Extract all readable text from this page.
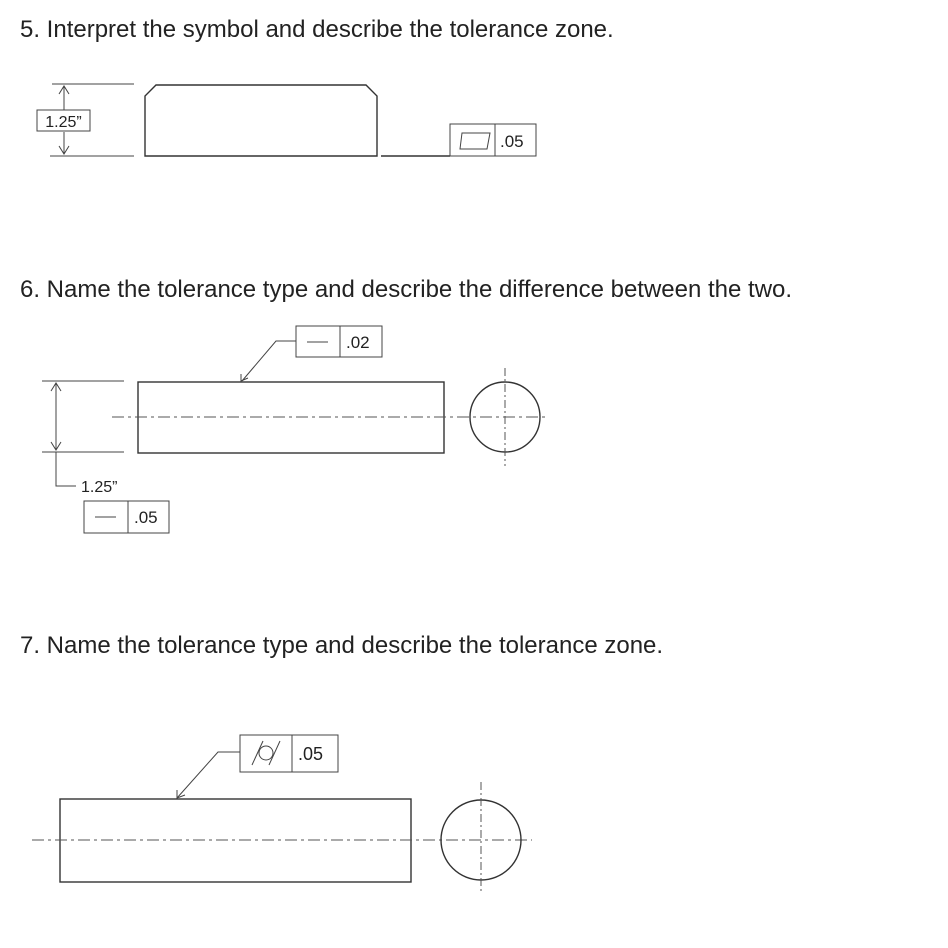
5. Interpret the symbol and describe the tolerance zone.
6. Name the tolerance type and describe the difference between the two.
7. Name the tolerance type and describe the tolerance zone.
1.25”
.05
.02
1.25”
.05
.05
